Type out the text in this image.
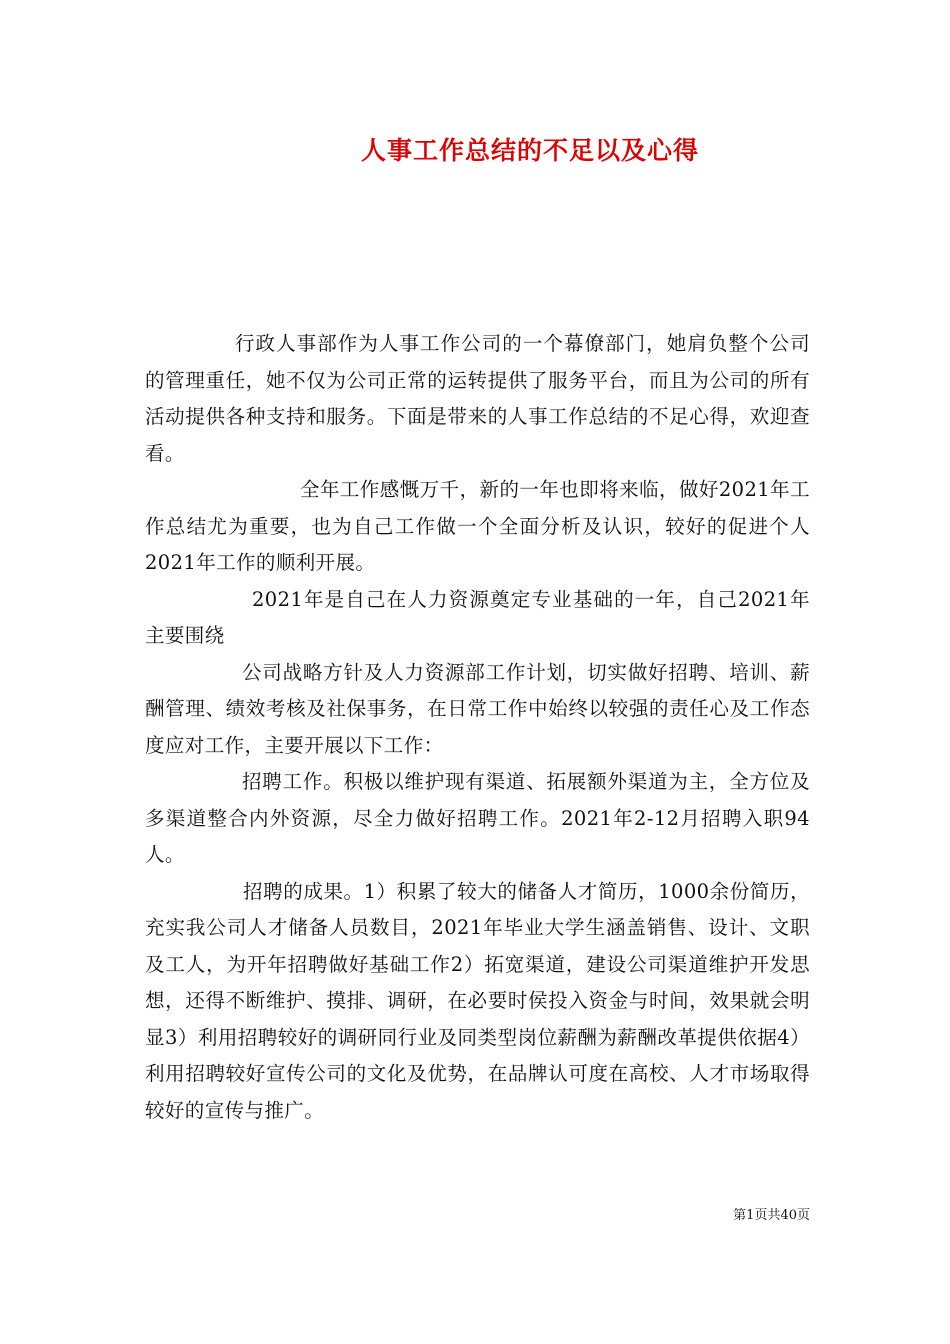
人事工作总结的不足以及心得

行政人事部作为人事工作公司的一个幕僚部门，她肩负整个公司的管理重任，她不仅为公司正常的运转提供了服务平台，而且为公司的所有活动提供各种支持和服务。下面是带来的人事工作总结的不足心得，欢迎查看。

全年工作感慨万千，新的一年也即将来临，做好2021年工作总结尤为重要，也为自己工作做一个全面分析及认识，较好的促进个人2021年工作的顺利开展。

2021年是自己在人力资源奠定专业基础的一年，自己2021年主要围绕

公司战略方针及人力资源部工作计划，切实做好招聘、培训、薪酬管理、绩效考核及社保事务，在日常工作中始终以较强的责任心及工作态度应对工作，主要开展以下工作：

招聘工作。积极以维护现有渠道、拓展额外渠道为主，全方位及多渠道整合内外资源，尽全力做好招聘工作。2021年2-12月招聘入职94人。

招聘的成果。1）积累了较大的储备人才简历，1000余份简历，充实我公司人才储备人员数目，2021年毕业大学生涵盖销售、设计、文职及工人，为开年招聘做好基础工作2）拓宽渠道，建设公司渠道维护开发思想，还得不断维护、摸排、调研，在必要时侯投入资金与时间，效果就会明显3）利用招聘较好的调研同行业及同类型岗位薪酬为薪酬改革提供依据4）利用招聘较好宣传公司的文化及优势，在品牌认可度在高校、人才市场取得较好的宣传与推广。

第1页共40页
